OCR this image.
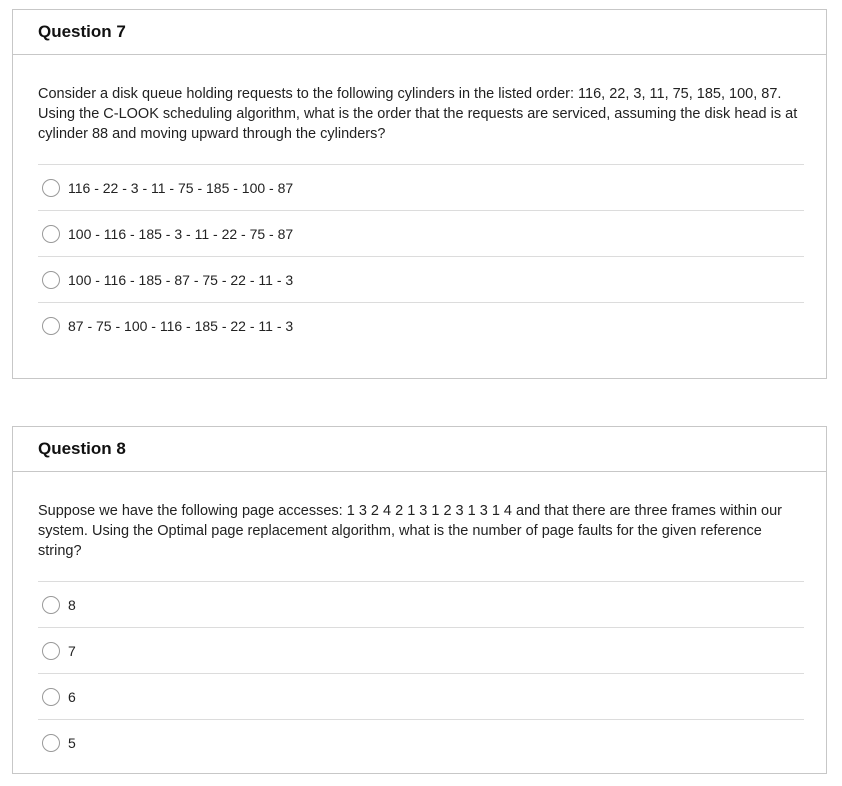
Question 7

Consider a disk queue holding requests to the following cylinders in the listed order: 116, 22, 3, 11, 75, 185, 100, 87. Using the C-LOOK scheduling algorithm, what is the order that the requests are serviced, assuming the disk head is at cylinder 88 and moving upward through the cylinders?

116 - 22 - 3 - 11 - 75 - 185 - 100 - 87
100 - 116 - 185 - 3 - 11 - 22 - 75 - 87
100 - 116 - 185 - 87 - 75 - 22 - 11 - 3
87 - 75 - 100 - 116 - 185 - 22 - 11 - 3
Question 8

Suppose we have the following page accesses: 1 3 2 4 2 1 3 1 2 3 1 3 1 4 and that there are three frames within our system. Using the Optimal page replacement algorithm, what is the number of page faults for the given reference string?

8
7
6
5
